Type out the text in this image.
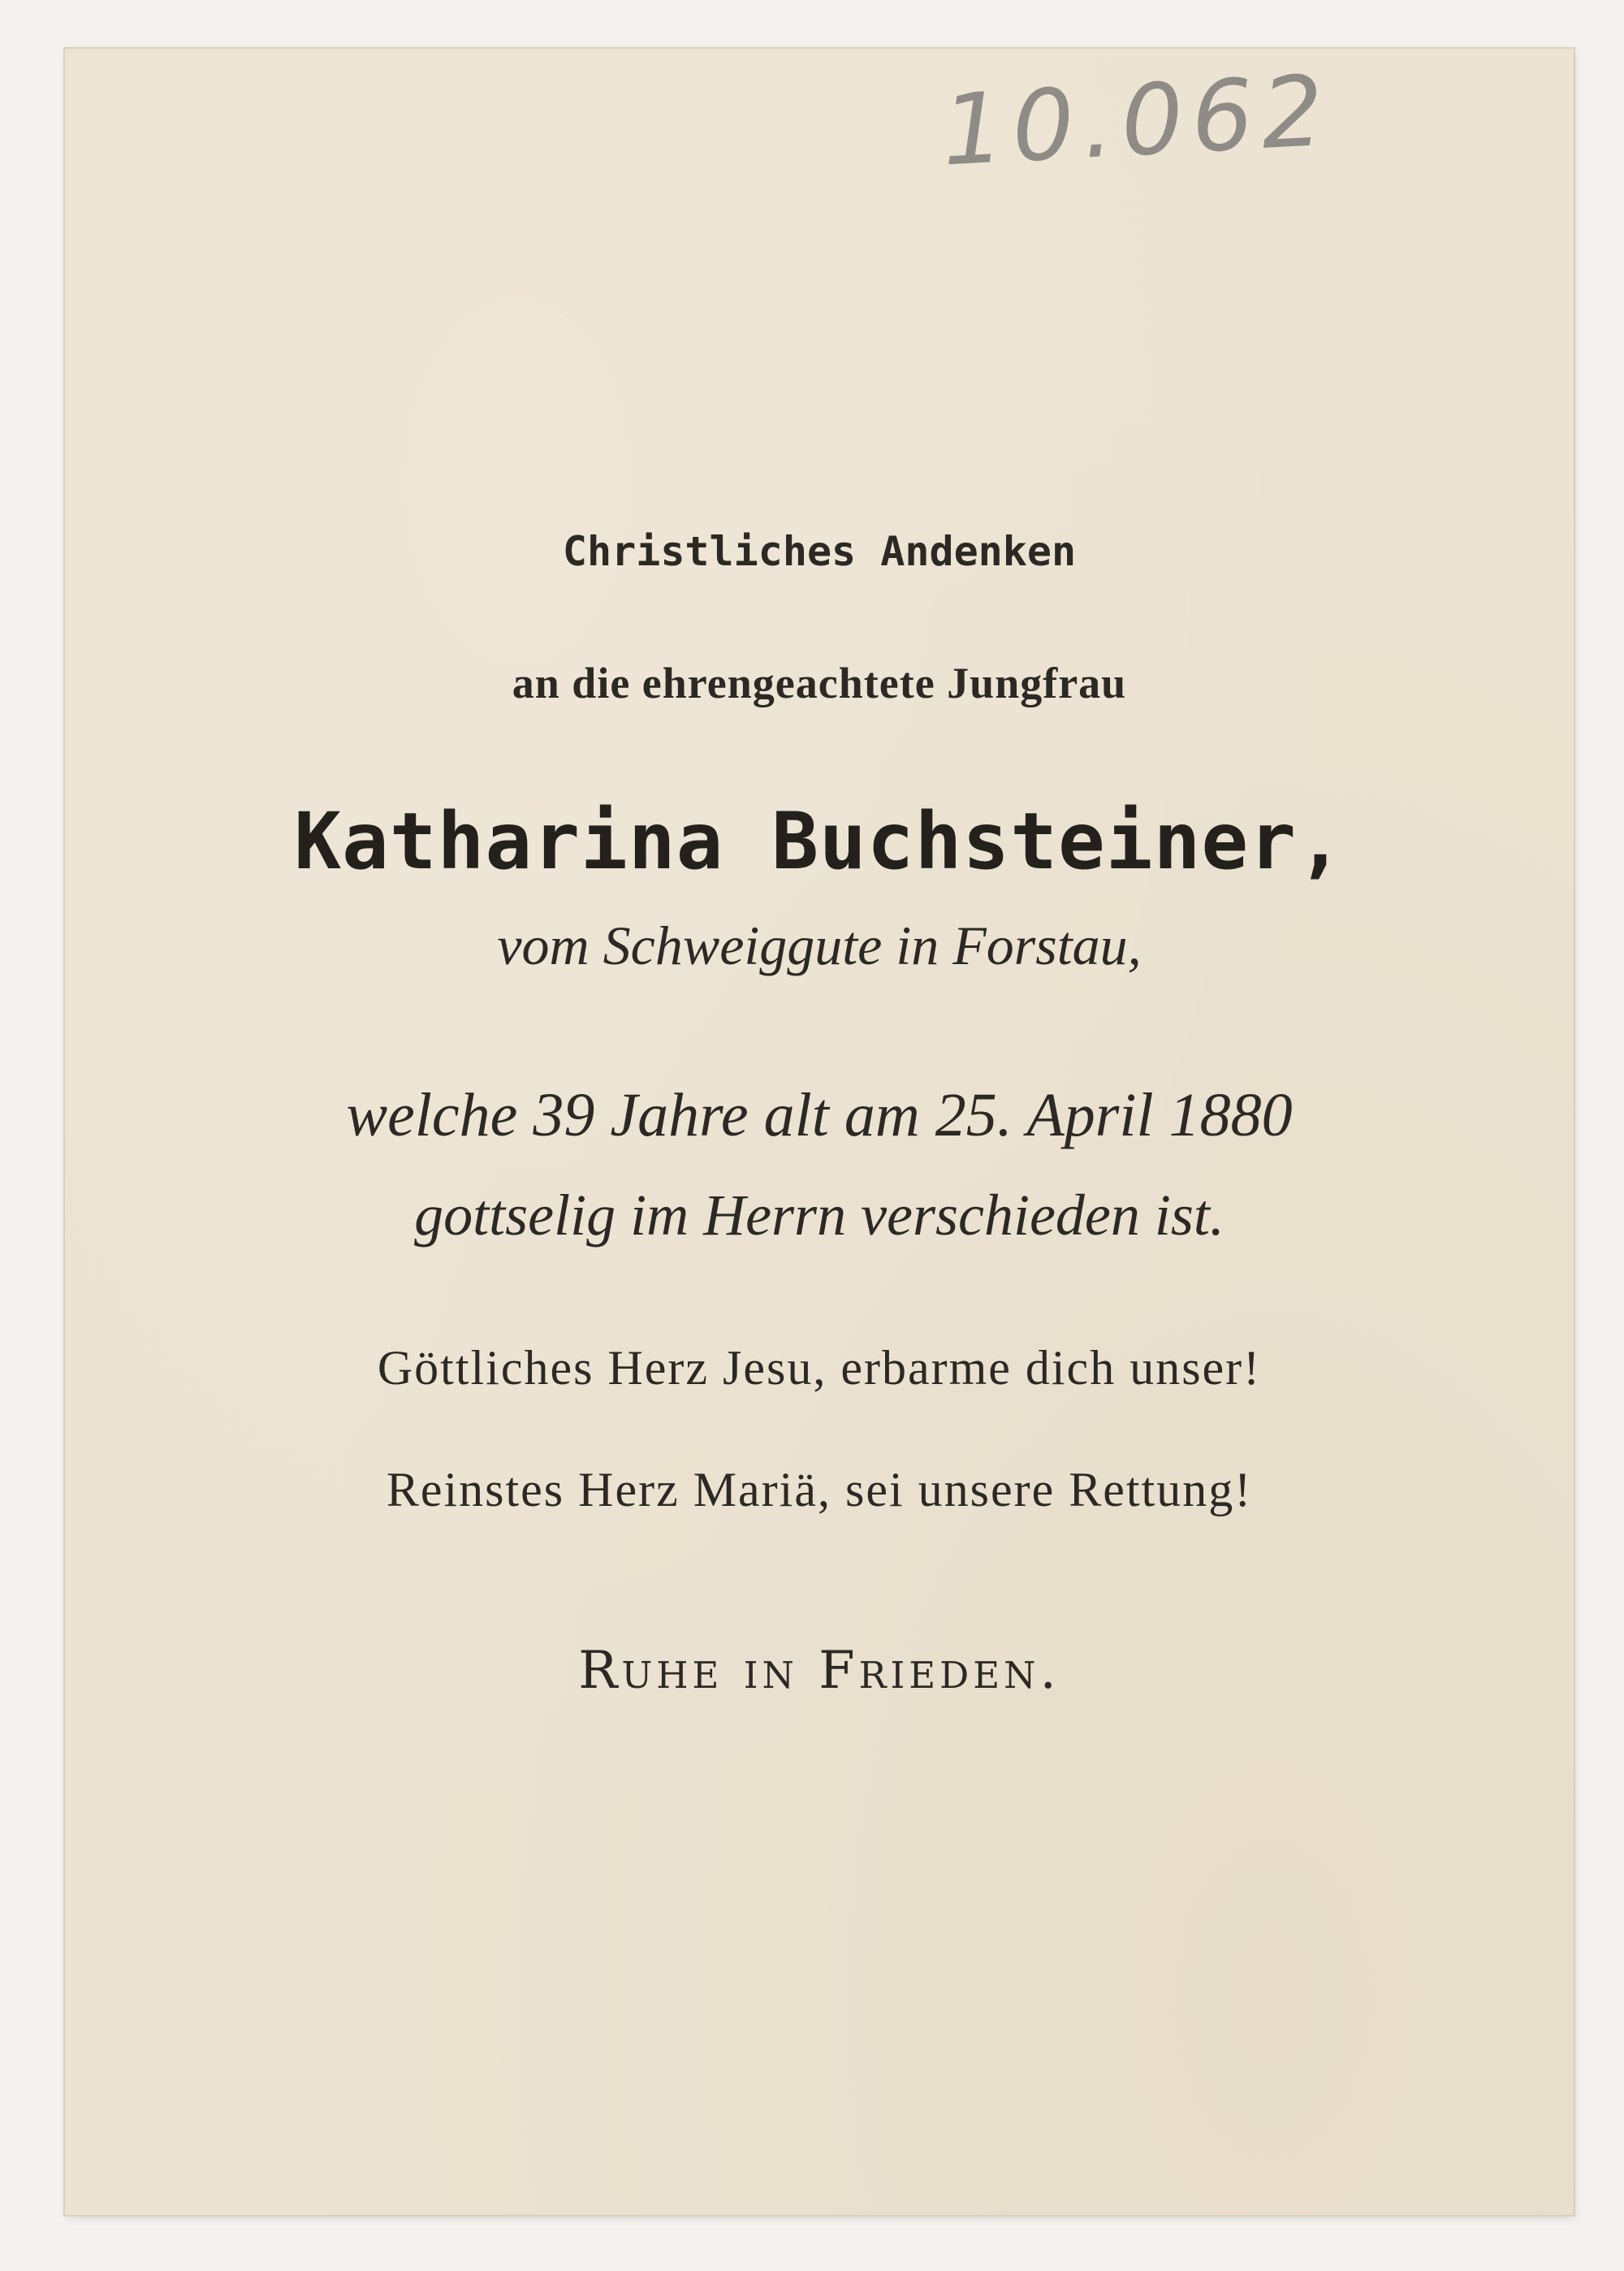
10.062
Christliches Andenken
an die ehrengeachtete Jungfrau
Katharina Buchsteiner,
vom Schweiggute in Forstau,
welche 39 Jahre alt am 25. April 1880
gottselig im Herrn verschieden ist.
Göttliches Herz Jesu, erbarme dich unser!
Reinstes Herz Mariä, sei unsere Rettung!
Ruhe in Frieden.
